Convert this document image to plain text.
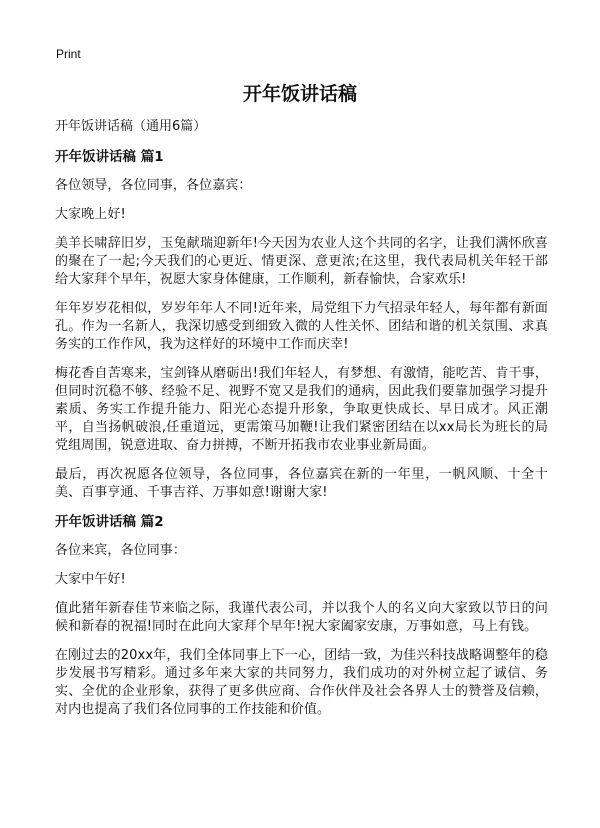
Print
开年饭讲话稿

开年饭讲话稿（通用6篇）

开年饭讲话稿 篇1

各位领导，各位同事，各位嘉宾：

大家晚上好!

美羊长啸辞旧岁，玉兔献瑞迎新年!今天因为农业人这个共同的名字，让我们满怀欣喜的聚在了一起;今天我们的心更近、情更深、意更浓;在这里，我代表局机关年轻干部给大家拜个早年，祝愿大家身体健康，工作顺利，新春愉快，合家欢乐!

年年岁岁花相似，岁岁年年人不同!近年来，局党组下力气招录年轻人，每年都有新面孔。作为一名新人，我深切感受到细致入微的人性关怀、团结和谐的机关氛围、求真务实的工作作风，我为这样好的环境中工作而庆幸!

梅花香自苦寒来，宝剑锋从磨砺出!我们年轻人，有梦想、有激情，能吃苦、肯干事，但同时沉稳不够、经验不足、视野不宽又是我们的通病，因此我们要靠加强学习提升素质、务实工作提升能力、阳光心态提升形象，争取更快成长、早日成才。风正潮平，自当扬帆破浪,任重道远，更需策马加鞭!让我们紧密团结在以xx局长为班长的局党组周围，锐意进取、奋力拼搏，不断开拓我市农业事业新局面。

最后，再次祝愿各位领导，各位同事，各位嘉宾在新的一年里，一帆风顺、十全十美、百事亨通、千事吉祥、万事如意!谢谢大家!

开年饭讲话稿 篇2

各位来宾，各位同事：

大家中午好!

值此猪年新春佳节来临之际，我谨代表公司，并以我个人的名义向大家致以节日的问候和新春的祝福!同时在此向大家拜个早年!祝大家阖家安康，万事如意，马上有钱。

在刚过去的20xx年，我们全体同事上下一心，团结一致，为佳兴科技战略调整年的稳步发展书写精彩。通过多年来大家的共同努力，我们成功的对外树立起了诚信、务实、全优的企业形象，获得了更多供应商、合作伙伴及社会各界人士的赞誉及信赖，对内也提高了我们各位同事的工作技能和价值。
